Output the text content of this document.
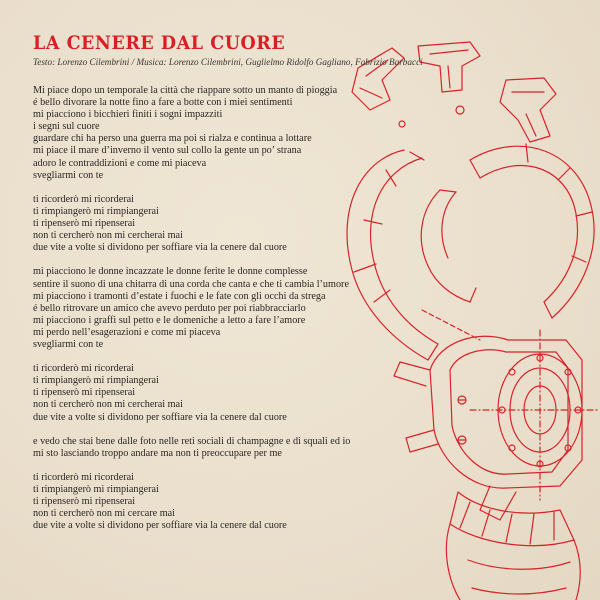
LA CENERE DAL CUORE
Testo: Lorenzo Cilembrini / Musica: Lorenzo Cilembrini, Guglielmo Ridolfo Gagliano, Fabrizio Barbacci
Mi piace dopo un temporale la città che riappare sotto un manto di pioggia
é bello divorare la notte fino a fare a botte con i miei sentimenti
mi piacciono i bicchieri finiti i sogni impazziti
i segni sul cuore
guardare chi ha perso una guerra ma poi si rialza e continua a lottare
mi piace il mare d’inverno il vento sul collo la gente un po’ strana
adoro le contraddizioni e come mi piaceva
svegliarmi con te
ti ricorderò mi ricorderai
ti rimpiangerò mi rimpiangerai
ti ripenserò mi ripenserai
non ti cercherò non mi cercherai mai
due vite a volte si dividono per soffiare via la cenere dal cuore
mi piacciono le donne incazzate le donne ferite le donne complesse
sentire il suono di una chitarra di una corda che canta e che ti cambia l’umore
mi piacciono i tramonti d’estate i fuochi e le fate con gli occhi da strega
é bello ritrovare un amico che avevo perduto per poi riabbracciarlo
mi piacciono i graffi sul petto e le domeniche a letto a fare l’amore
mi perdo nell’esagerazioni e come mi piaceva
svegliarmi con te
ti ricorderò mi ricorderai
ti rimpiangerò mi rimpiangerai
ti ripenserò mi ripenserai
non ti cercherò non mi cercherai mai
due vite a volte si dividono per soffiare via la cenere dal cuore
e vedo che stai bene dalle foto nelle reti sociali di champagne e di squali ed io
mi sto lasciando troppo andare ma non ti preoccupare per me
ti ricorderò mi ricorderai
ti rimpiangerò mi rimpiangerai
ti ripenserò mi ripenserai
non ti cercherò non mi cercare mai
due vite a volte si dividono per soffiare via la cenere dal cuore
